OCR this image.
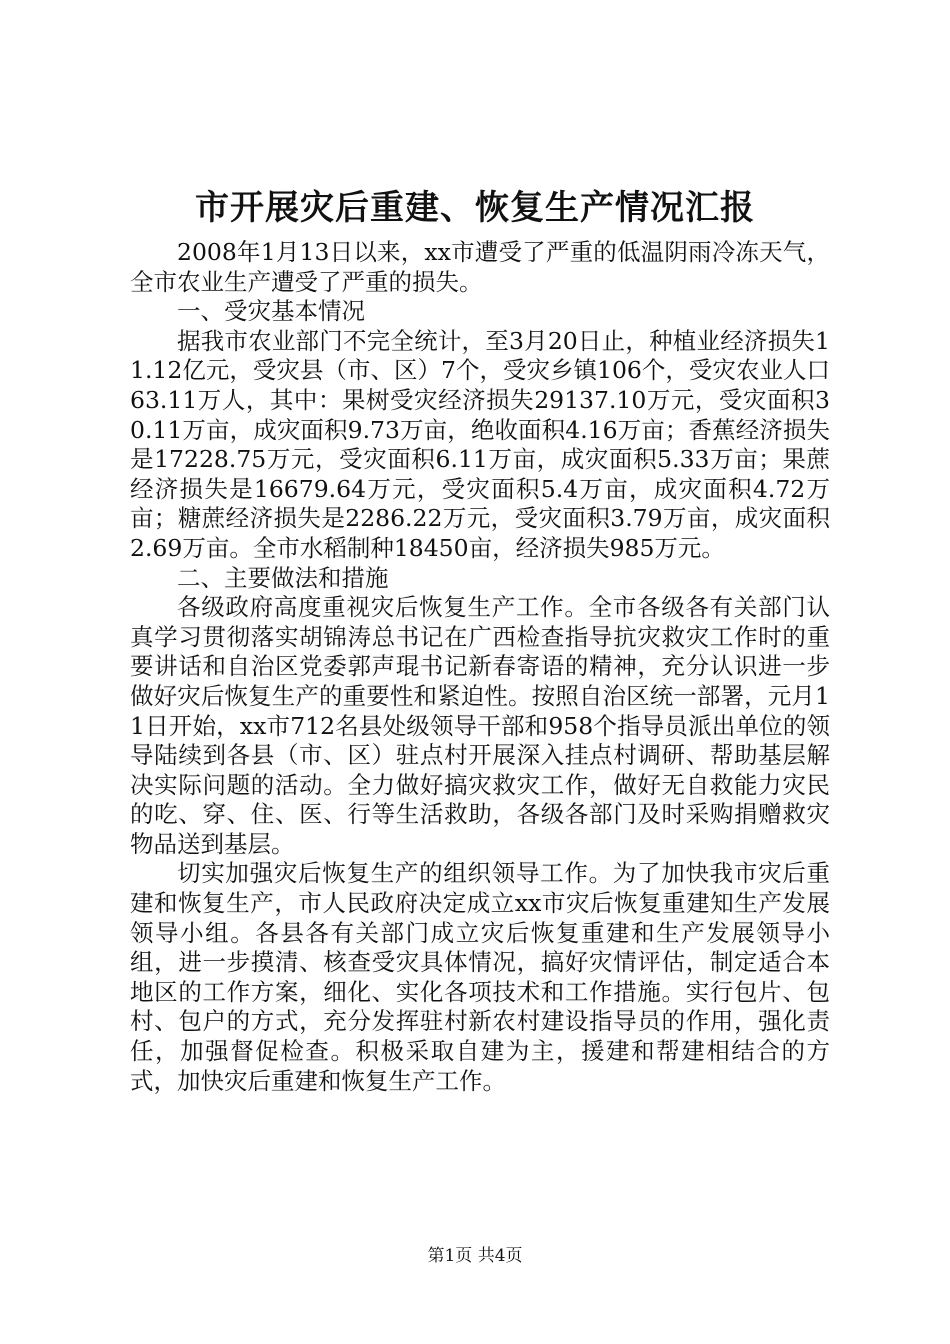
市开展灾后重建、恢复生产情况汇报

2008年1月13日以来，xx市遭受了严重的低温阴雨冷冻天气，全市农业生产遭受了严重的损失。

一、受灾基本情况

据我市农业部门不完全统计，至3月20日止，种植业经济损失11.12亿元，受灾县（市、区）7个，受灾乡镇106个，受灾农业人口63.11万人，其中：果树受灾经济损失29137.10万元，受灾面积30.11万亩，成灾面积9.73万亩，绝收面积4.16万亩；香蕉经济损失是17228.75万元，受灾面积6.11万亩，成灾面积5.33万亩；果蔗经济损失是16679.64万元，受灾面积5.4万亩，成灾面积4.72万亩；糖蔗经济损失是2286.22万元，受灾面积3.79万亩，成灾面积2.69万亩。全市水稻制种18450亩，经济损失985万元。

二、主要做法和措施

各级政府高度重视灾后恢复生产工作。全市各级各有关部门认真学习贯彻落实胡锦涛总书记在广西检查指导抗灾救灾工作时的重要讲话和自治区党委郭声琨书记新春寄语的精神，充分认识进一步做好灾后恢复生产的重要性和紧迫性。按照自治区统一部署，元月11日开始，xx市712名县处级领导干部和958个指导员派出单位的领导陆续到各县（市、区）驻点村开展深入挂点村调研、帮助基层解决实际问题的活动。全力做好搞灾救灾工作，做好无自救能力灾民的吃、穿、住、医、行等生活救助，各级各部门及时采购捐赠救灾物品送到基层。

切实加强灾后恢复生产的组织领导工作。为了加快我市灾后重建和恢复生产，市人民政府决定成立xx市灾后恢复重建知生产发展领导小组。各县各有关部门成立灾后恢复重建和生产发展领导小组，进一步摸清、核查受灾具体情况，搞好灾情评估，制定适合本地区的工作方案，细化、实化各项技术和工作措施。实行包片、包村、包户的方式，充分发挥驻村新农村建设指导员的作用，强化责任，加强督促检查。积极采取自建为主，援建和帮建相结合的方式，加快灾后重建和恢复生产工作。

第1页 共4页
